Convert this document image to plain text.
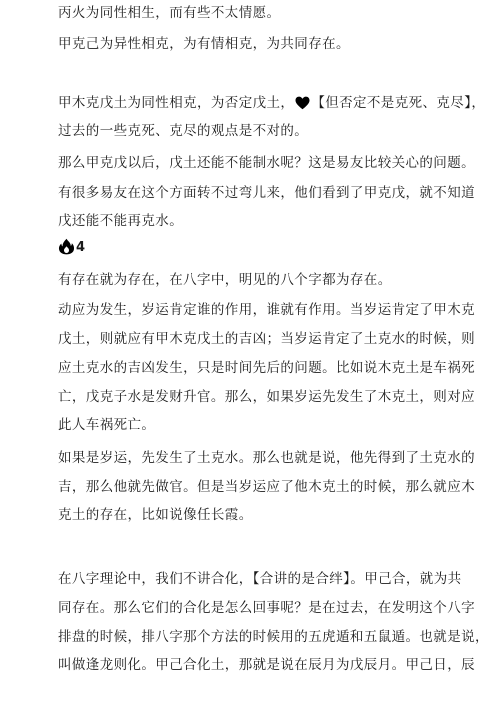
丙火为同性相生，而有些不太情愿。
甲克己为异性相克，为有情相克，为共同存在。
甲木克戊土为同性相克，为否定戊土， 【但否定不是克死、克尽】，
过去的一些克死、克尽的观点是不对的。
那么甲克戊以后，戊土还能不能制水呢？这是易友比较关心的问题。
有很多易友在这个方面转不过弯儿来，他们看到了甲克戊，就不知道
戊还能不能再克水。
4
有存在就为存在，在八字中，明见的八个字都为存在。
动应为发生，岁运肯定谁的作用，谁就有作用。当岁运肯定了甲木克
戊土，则就应有甲木克戊土的吉凶；当岁运肯定了土克水的时候，则
应土克水的吉凶发生，只是时间先后的问题。比如说木克土是车祸死
亡，戊克子水是发财升官。那么，如果岁运先发生了木克土，则对应
此人车祸死亡。
如果是岁运，先发生了土克水。那么也就是说，他先得到了土克水的
吉，那么他就先做官。但是当岁运应了他木克土的时候，那么就应木
克土的存在，比如说像任长霞。
在八字理论中，我们不讲合化，【合讲的是合绊】。甲己合，就为共
同存在。那么它们的合化是怎么回事呢？是在过去，在发明这个八字
排盘的时候，排八字那个方法的时候用的五虎遁和五鼠遁。也就是说，
叫做逢龙则化。甲己合化土，那就是说在辰月为戊辰月。甲己日，辰
